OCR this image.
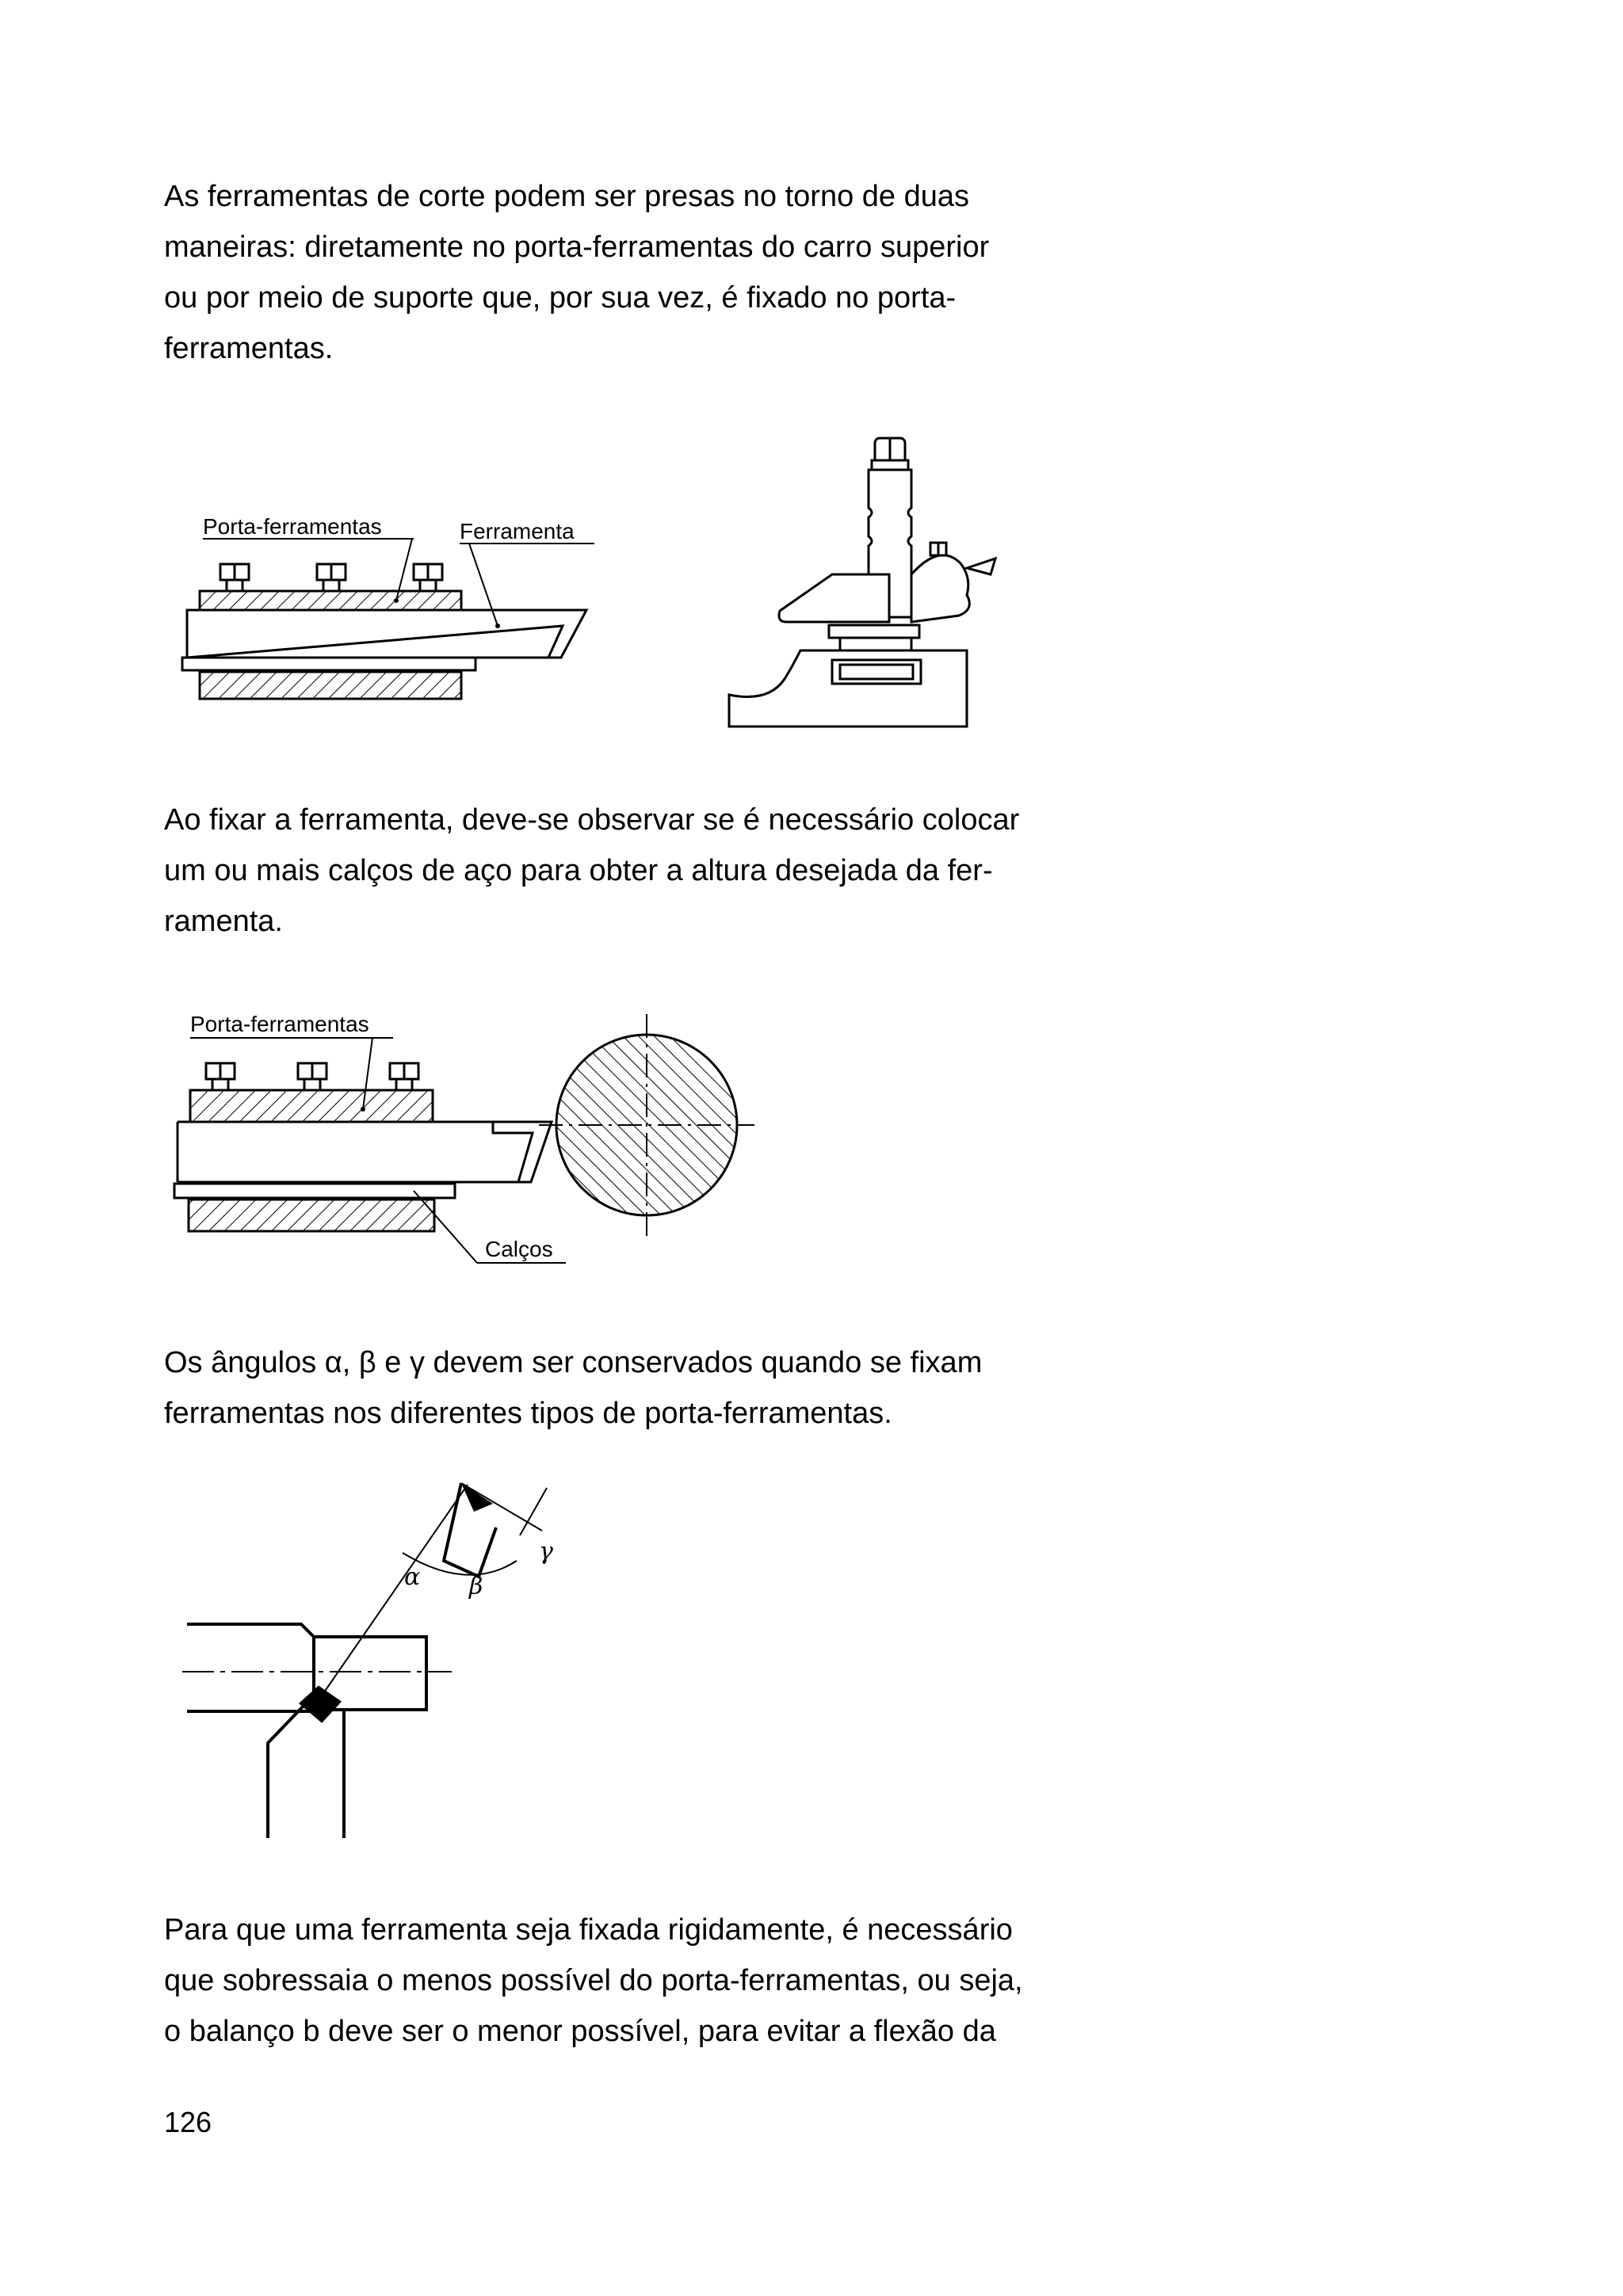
As ferramentas de corte podem ser presas no torno de duas
maneiras: diretamente no porta-ferramentas do carro superior
ou por meio de suporte que, por sua vez, é fixado no porta-
ferramentas.
Porta-ferramentas	Ferramenta
Ao fixar a ferramenta, deve-se observar se é necessário colocar
um ou mais calços de aço para obter a altura desejada da fer-
ramenta.
Porta-ferramentas
Calços
Os ângulos α, β e γ devem ser conservados quando se fixam
ferramentas nos diferentes tipos de porta-ferramentas.
α β
γ
Para que uma ferramenta seja fixada rigidamente, é necessário
que sobressaia o menos possível do porta-ferramentas, ou seja,
o balanço b deve ser o menor possível, para evitar a flexão da

126
